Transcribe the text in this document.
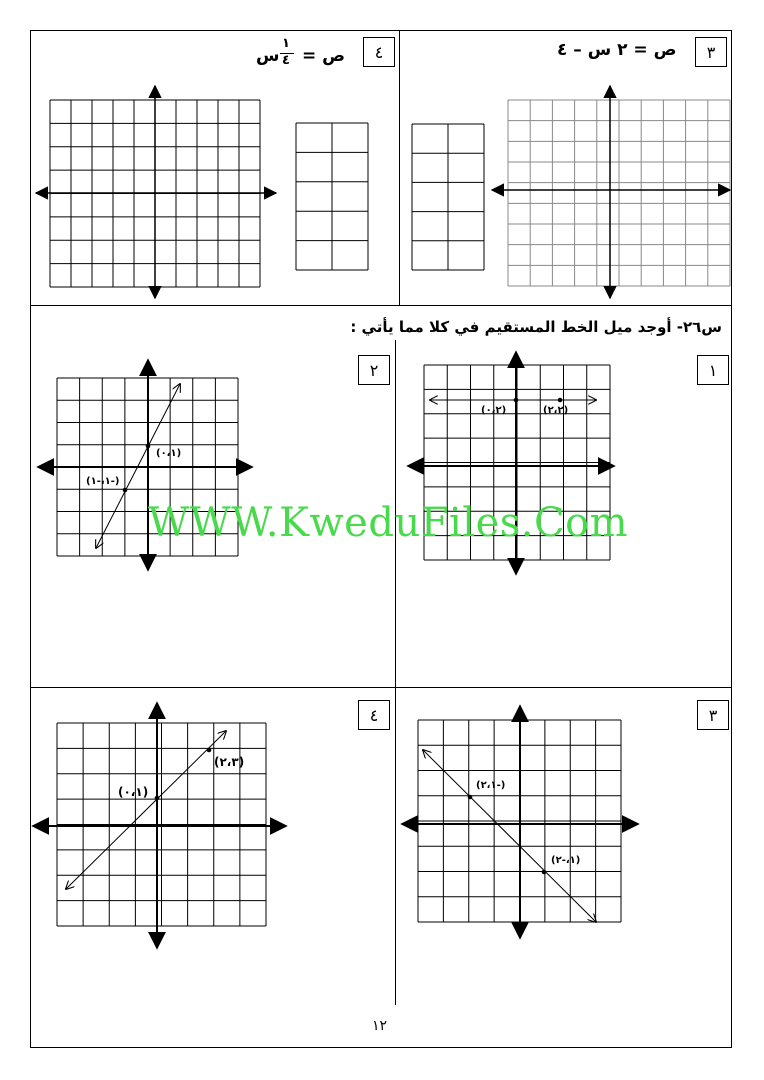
٣
ص = ٢ س – ٤
٤
ص =
١
٤
س
س٢٦- أوجد ميل الخط المستقيم في كلا مما يأتي :
١
(٠،٢)	(٢،٢)
٢
(٠،١)
(-١،-١)
٣
(-٢،١)
(١،-٢)
٤
(٠،١)
(٢،٣)
WWW.KweduFiles.Com
١٢
